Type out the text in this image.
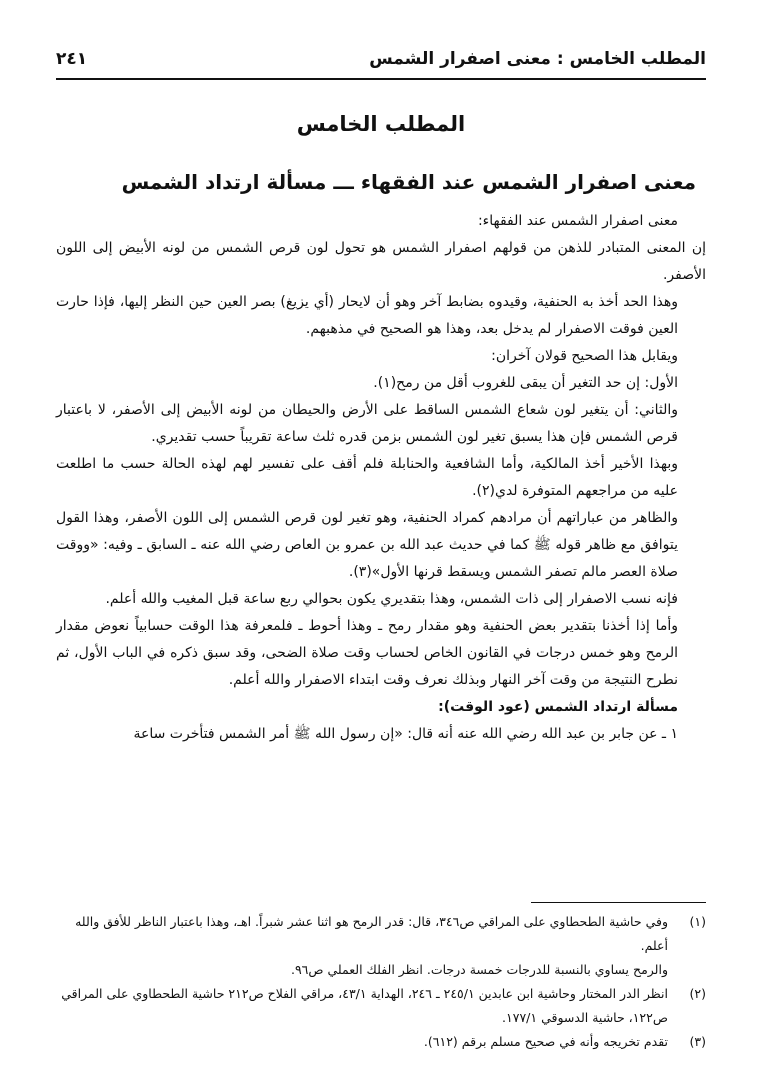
المطلب الخامس : معنى اصفرار الشمس
٢٤١
المطلب الخامس
معنى اصفرار الشمس عند الفقهاء ـــ مسألة ارتداد الشمس

معنى اصفرار الشمس عند الفقهاء:

إن المعنى المتبادر للذهن من قولهم اصفرار الشمس هو تحول لون قرص الشمس من لونه الأبيض إلى اللون الأصفر.

وهذا الحد أخذ به الحنفية، وقيدوه بضابط آخر وهو أن لايحار (أي يزيغ) بصر العين حين النظر إليها، فإذا حارت العين فوقت الاصفرار لم يدخل بعد، وهذا هو الصحيح في مذهبهم.

ويقابل هذا الصحيح قولان آخران:

الأول: إن حد التغير أن يبقى للغروب أقل من رمح(١).

والثاني: أن يتغير لون شعاع الشمس الساقط على الأرض والحيطان من لونه الأبيض إلى الأصفر، لا باعتبار قرص الشمس فإن هذا يسبق تغير لون الشمس بزمن قدره ثلث ساعة تقريباً حسب تقديري.

وبهذا الأخير أخذ المالكية، وأما الشافعية والحنابلة فلم أقف على تفسير لهم لهذه الحالة حسب ما اطلعت عليه من مراجعهم المتوفرة لدي(٢).

والظاهر من عباراتهم أن مرادهم كمراد الحنفية، وهو تغير لون قرص الشمس إلى اللون الأصفر، وهذا القول يتوافق مع ظاهر قوله ﷺ كما في حديث عبد الله بن عمرو بن العاص رضي الله عنه ـ السابق ـ وفيه: «ووقت صلاة العصر مالم تصفر الشمس ويسقط قرنها الأول»(٣).

فإنه نسب الاصفرار إلى ذات الشمس، وهذا بتقديري يكون بحوالي ربع ساعة قبل المغيب والله أعلم.

وأما إذا أخذنا بتقدير بعض الحنفية وهو مقدار رمح ـ وهذا أحوط ـ فلمعرفة هذا الوقت حسابياً نعوض مقدار الرمح وهو خمس درجات في القانون الخاص لحساب وقت صلاة الضحى، وقد سبق ذكره في الباب الأول، ثم نطرح النتيجة من وقت آخر النهار وبذلك نعرف وقت ابتداء الاصفرار والله أعلم.

مسألة ارتداد الشمس (عود الوقت):

١ ـ عن جابر بن عبد الله رضي الله عنه أنه قال: «إن رسول الله ﷺ أمر الشمس فتأخرت ساعة

(١)
وفي حاشية الطحطاوي على المراقي ص٣٤٦، قال: قدر الرمح هو اثنا عشر شبراً. اهـ، وهذا باعتبار الناظر للأفق والله أعلم.
والرمح يساوي بالنسبة للدرجات خمسة درجات. انظر الفلك العملي ص٩٦.
(٢)
انظر الدر المختار وحاشية ابن عابدين ٢٤٥/١ ـ ٢٤٦، الهداية ٤٣/١، مراقي الفلاح ص٢١٢ حاشية الطحطاوي على المراقي ص١٢٢، حاشية الدسوقي ١٧٧/١.
(٣)
تقدم تخريجه وأنه في صحيح مسلم برقم (٦١٢).
